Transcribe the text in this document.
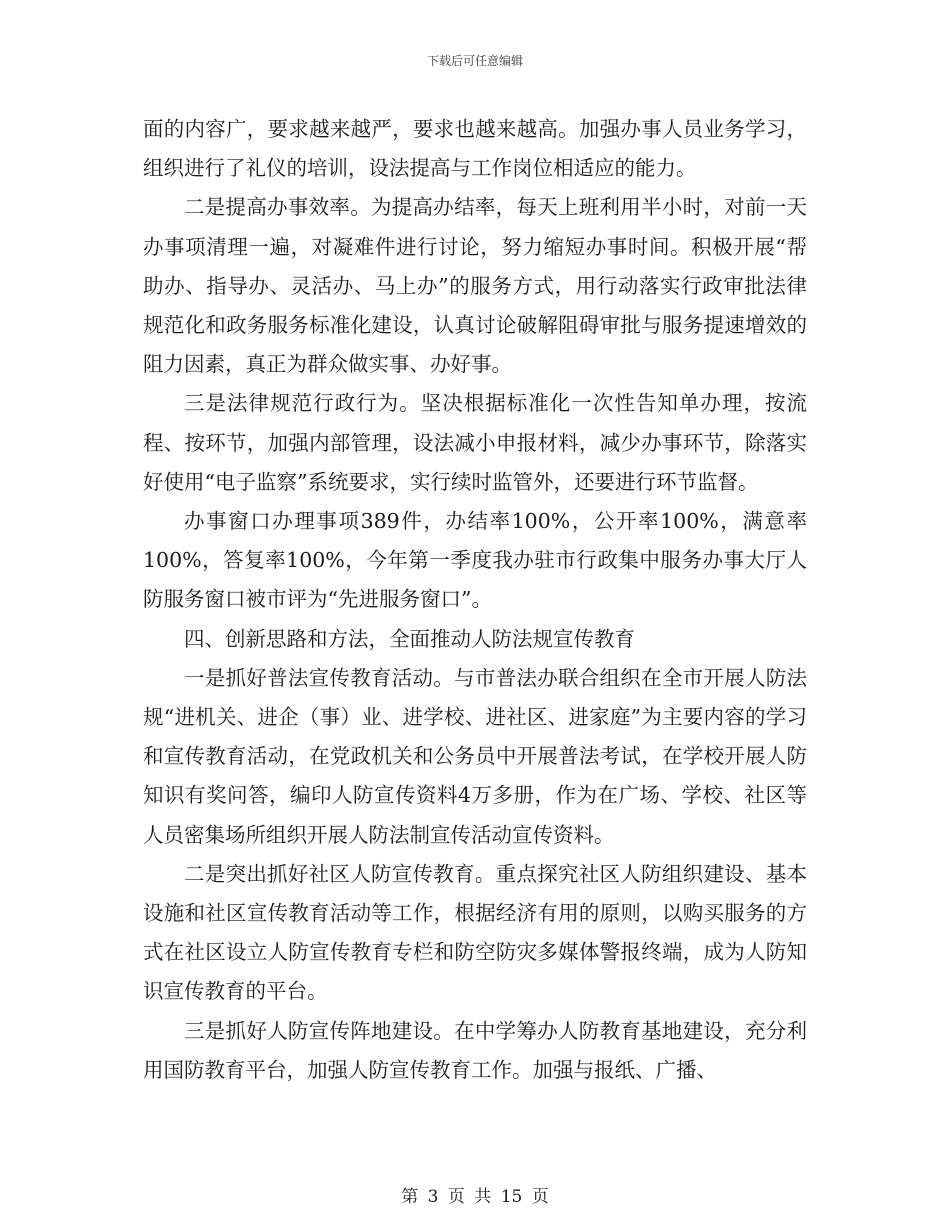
下载后可任意编辑

面的内容广，要求越来越严，要求也越来越高。加强办事人员业务学习，组织进行了礼仪的培训，设法提高与工作岗位相适应的能力。

二是提高办事效率。为提高办结率，每天上班利用半小时，对前一天办事项清理一遍，对凝难件进行讨论，努力缩短办事时间。积极开展“帮助办、指导办、灵活办、马上办”的服务方式，用行动落实行政审批法律规范化和政务服务标准化建设，认真讨论破解阻碍审批与服务提速增效的阻力因素，真正为群众做实事、办好事。

三是法律规范行政行为。坚决根据标准化一次性告知单办理，按流程、按环节，加强内部管理，设法减小申报材料，减少办事环节，除落实好使用“电子监察”系统要求，实行续时监管外，还要进行环节监督。

办事窗口办理事项389件，办结率100%，公开率100%，满意率100%，答复率100%，今年第一季度我办驻市行政集中服务办事大厅人防服务窗口被市评为“先进服务窗口”。

四、创新思路和方法，全面推动人防法规宣传教育

一是抓好普法宣传教育活动。与市普法办联合组织在全市开展人防法规“进机关、进企（事）业、进学校、进社区、进家庭”为主要内容的学习和宣传教育活动，在党政机关和公务员中开展普法考试，在学校开展人防知识有奖问答，编印人防宣传资料4万多册，作为在广场、学校、社区等人员密集场所组织开展人防法制宣传活动宣传资料。

二是突出抓好社区人防宣传教育。重点探究社区人防组织建设、基本设施和社区宣传教育活动等工作，根据经济有用的原则，以购买服务的方式在社区设立人防宣传教育专栏和防空防灾多媒体警报终端，成为人防知识宣传教育的平台。

三是抓好人防宣传阵地建设。在中学筹办人防教育基地建设，充分利用国防教育平台，加强人防宣传教育工作。加强与报纸、广播、

第 3 页 共 15 页
